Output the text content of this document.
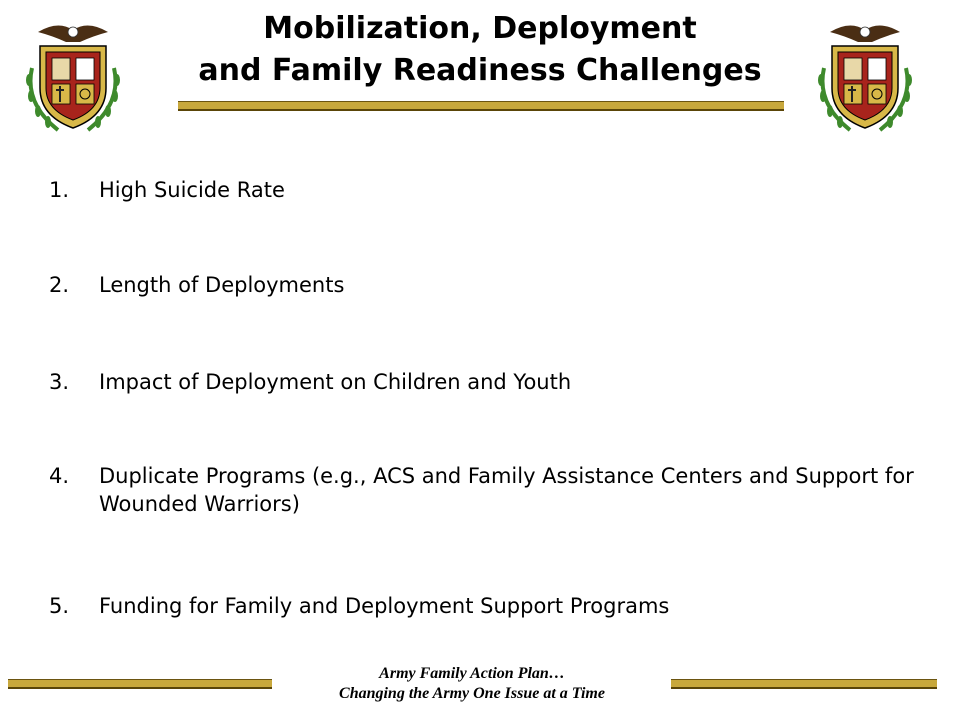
Mobilization, Deployment
and Family Readiness Challenges
1. High Suicide Rate
2. Length of Deployments
3. Impact of Deployment on Children and Youth
4. Duplicate Programs (e.g., ACS and Family Assistance Centers and Support for Wounded Warriors)
5. Funding for Family and Deployment Support Programs
Army Family Action Plan…
Changing the Army One Issue at a Time
